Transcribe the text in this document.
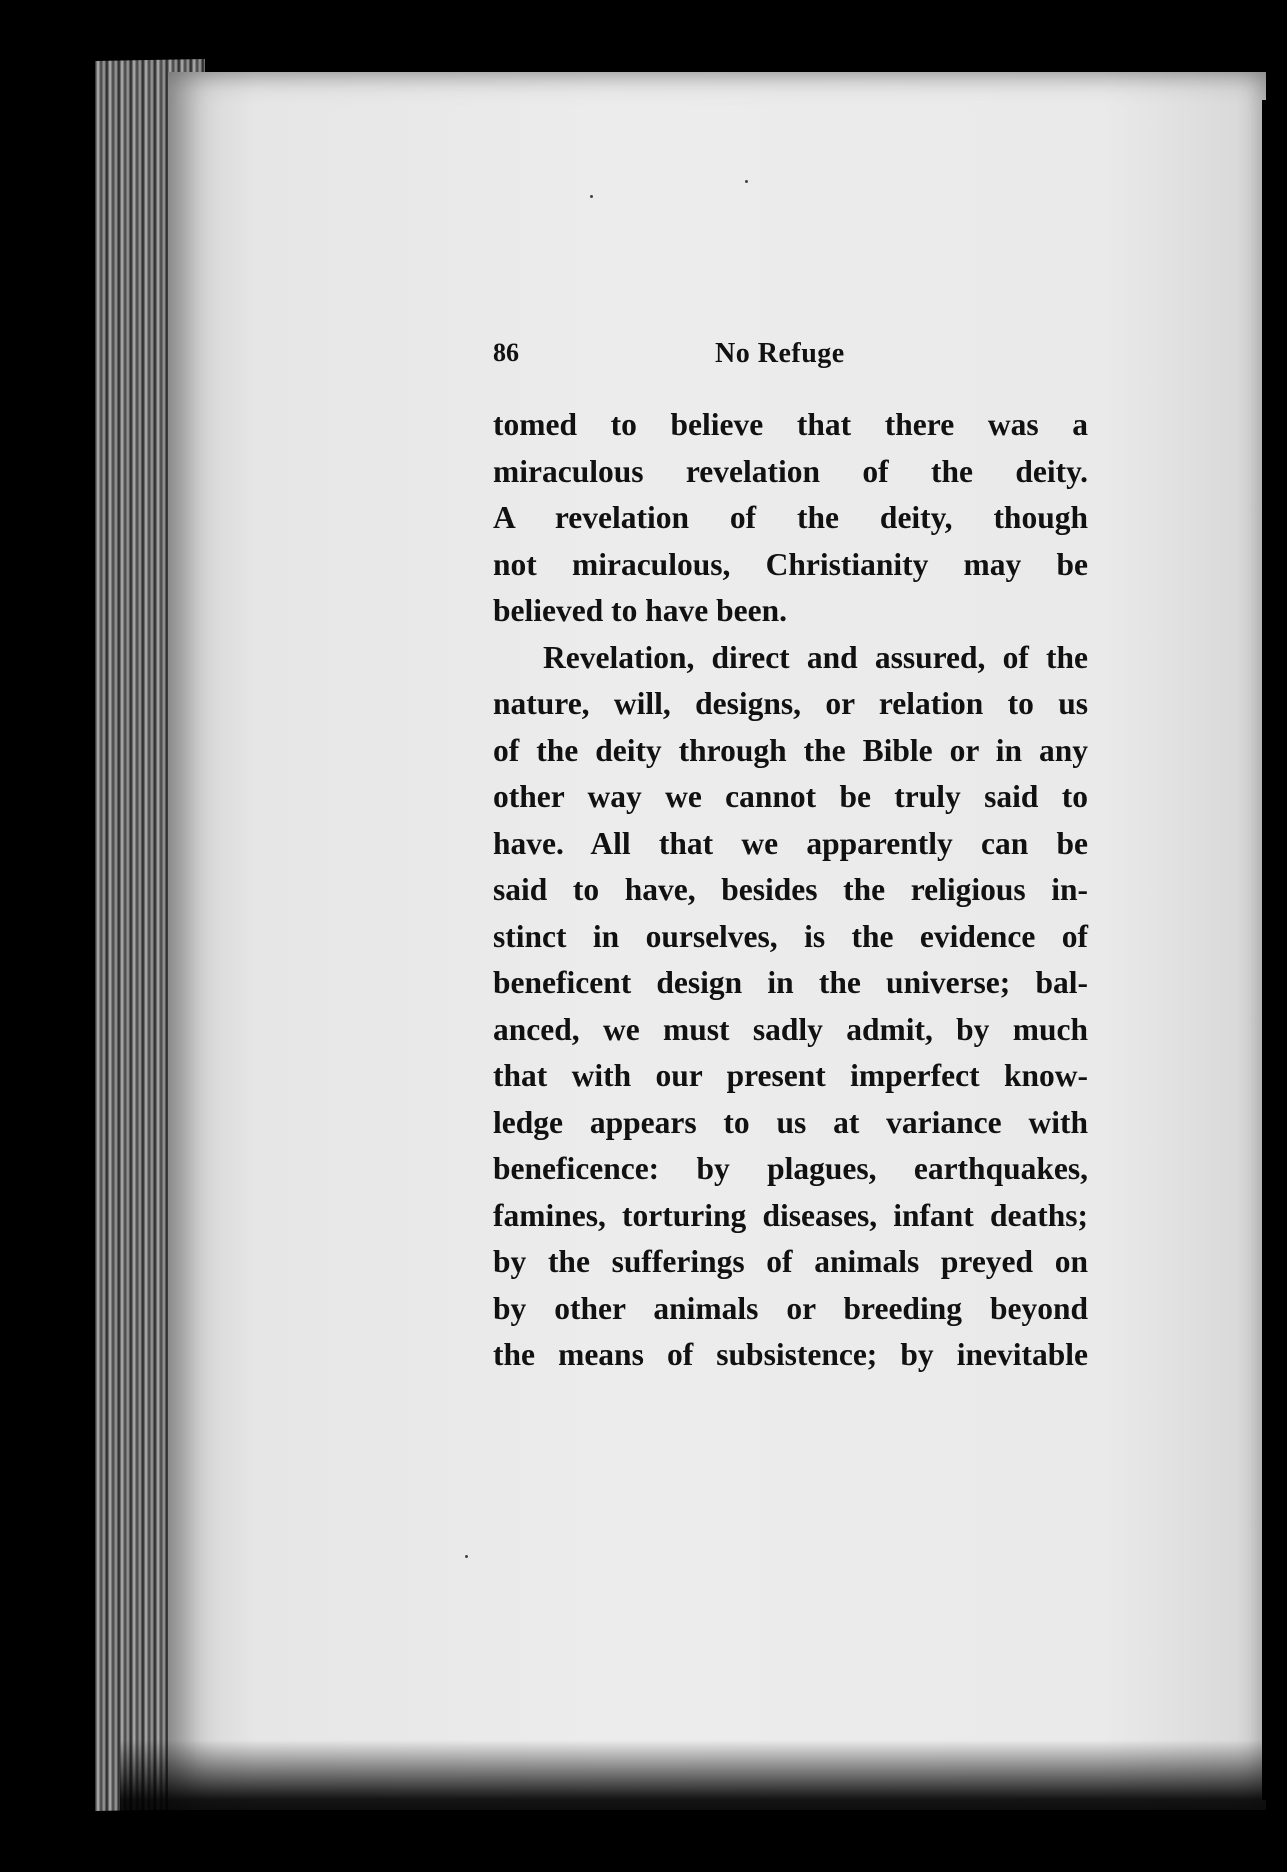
86	No Refuge
tomed to believe that there was a
miraculous revelation of the deity.
A revelation of the deity, though
not miraculous, Christianity may be
believed to have been.
Revelation, direct and assured, of the
nature, will, designs, or relation to us
of the deity through the Bible or in any
other way we cannot be truly said to
have. All that we apparently can be
said to have, besides the religious in-
stinct in ourselves, is the evidence of
beneficent design in the universe; bal-
anced, we must sadly admit, by much
that with our present imperfect know-
ledge appears to us at variance with
beneficence: by plagues, earthquakes,
famines, torturing diseases, infant deaths;
by the sufferings of animals preyed on
by other animals or breeding beyond
the means of subsistence; by inevitable
